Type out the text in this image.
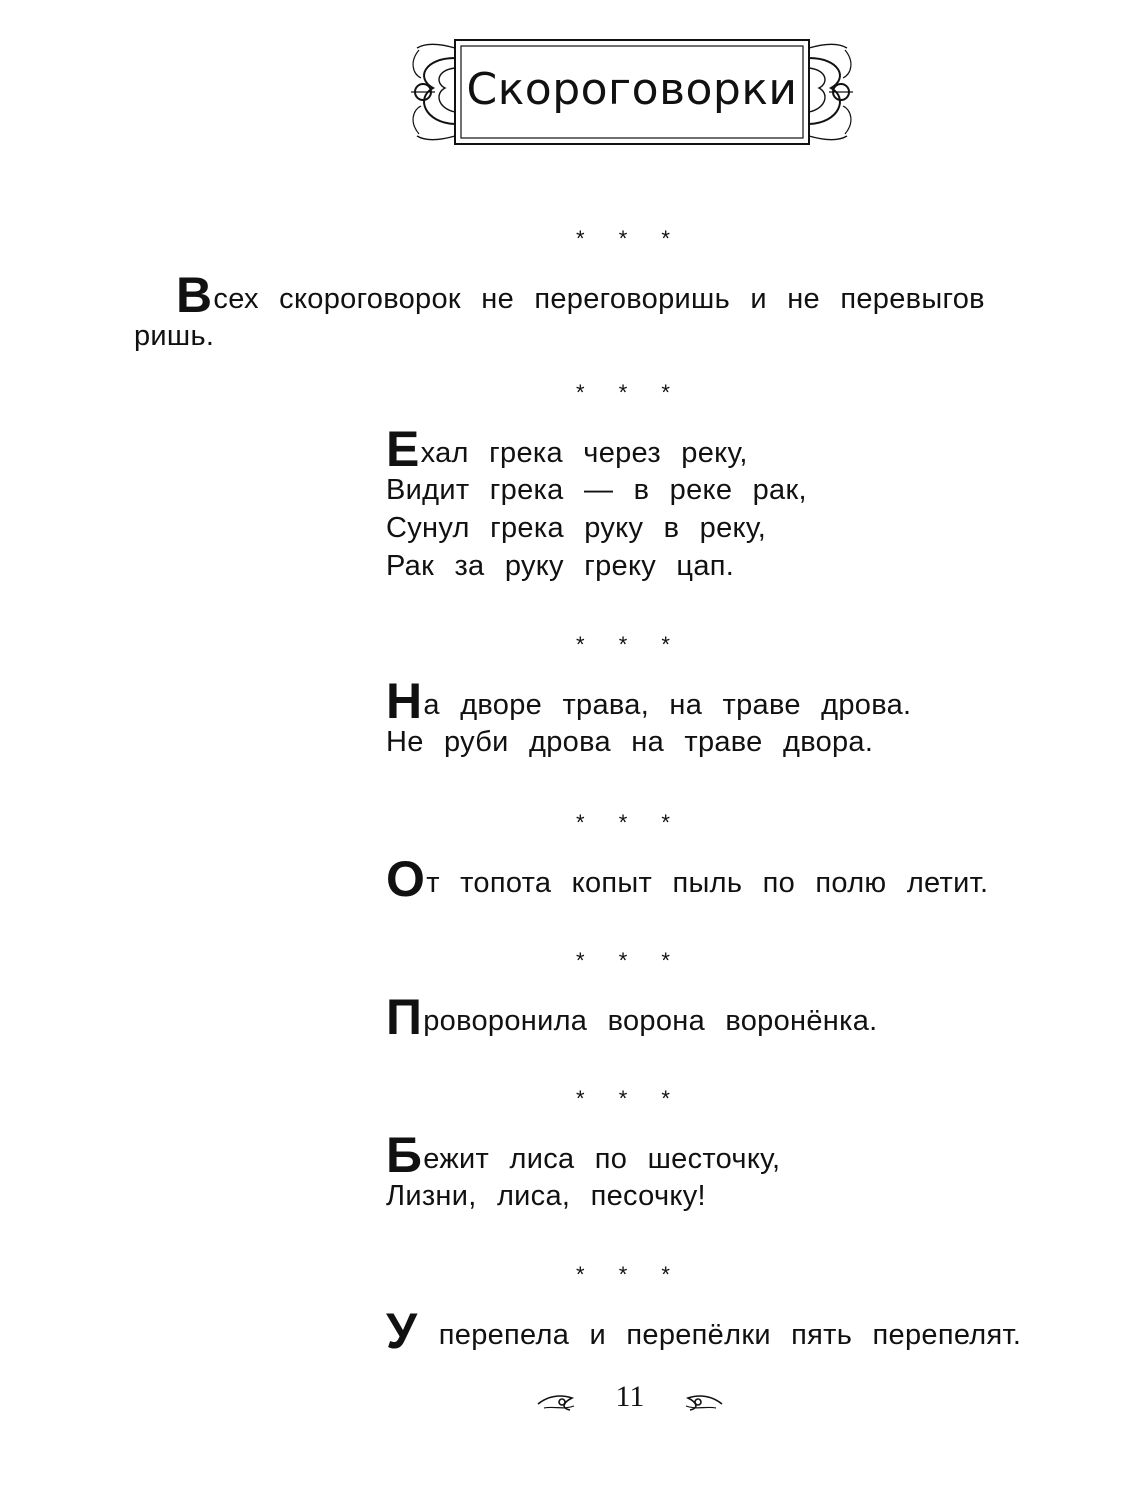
Скороговорки
* * *
Всех скороговорок не переговоришь и не перевыгов
ришь.
* * *
Ехал грека через реку,
Видит грека — в реке рак,
Сунул грека руку в реку,
Рак за руку греку цап.
* * *
На дворе трава, на траве дрова.
Не руби дрова на траве двора.
* * *
От топота копыт пыль по полю летит.
* * *
Проворонила ворона воронёнка.
* * *
Бежит лиса по шесточку,
Лизни, лиса, песочку!
* * *
У перепела и перепёлки пять перепелят.
11
